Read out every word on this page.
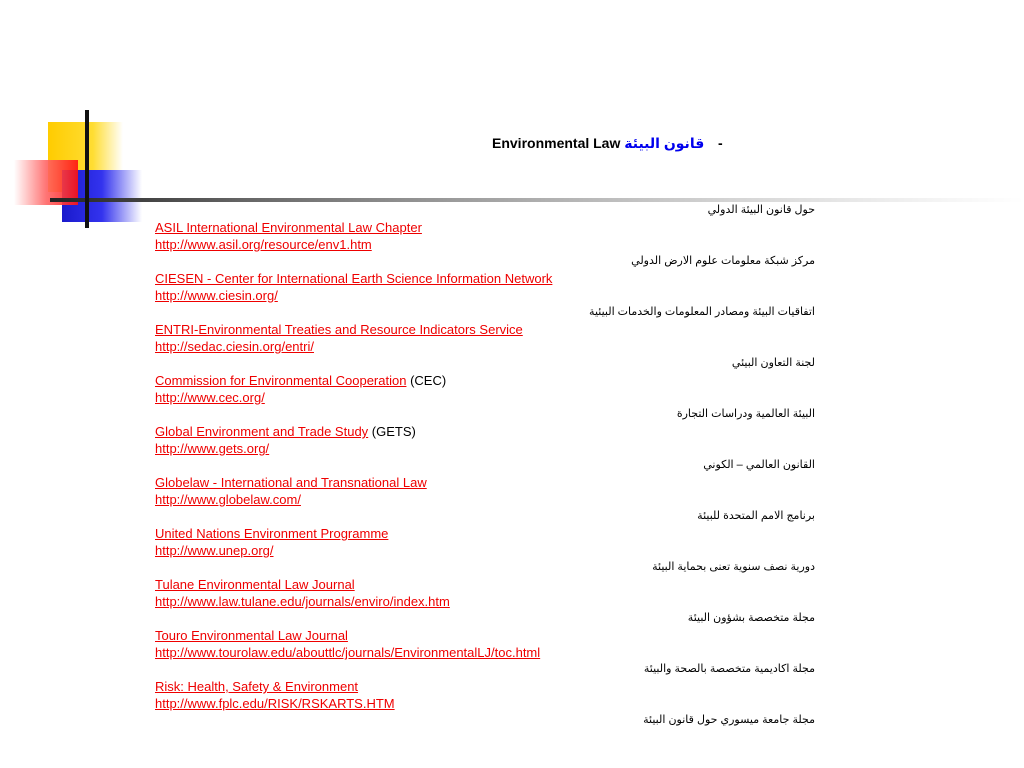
Environmental Law قانون البيئة -
حول قانون البيئة الدولي
ASIL International Environmental Law Chapter
http://www.asil.org/resource/env1.htm
مركز شبكة معلومات علوم الارض الدولي
CIESEN - Center for International Earth Science Information Network
http://www.ciesin.org/
اتفاقيات البيئة ومصادر المعلومات والخدمات البيئية
ENTRI-Environmental Treaties and Resource Indicators Service
http://sedac.ciesin.org/entri/
لجنة التعاون البيئي
Commission for Environmental Cooperation (CEC)
http://www.cec.org/
البيئة العالمية ودراسات التجارة
Global Environment and Trade Study (GETS)
http://www.gets.org/
القانون العالمي – الكوني
Globelaw - International and Transnational Law
http://www.globelaw.com/
برنامج الامم المتحدة للبيئة
United Nations Environment Programme
http://www.unep.org/
دورية نصف سنوية تعنى بحماية البيئة
Tulane Environmental Law Journal
http://www.law.tulane.edu/journals/enviro/index.htm
مجلة متخصصة بشؤون البيئة
Touro Environmental Law Journal
http://www.tourolaw.edu/abouttlc/journals/EnvironmentalLJ/toc.html
مجلة اكاديمية متخصصة بالصحة والبيئة
Risk: Health, Safety & Environment
http://www.fplc.edu/RISK/RSKARTS.HTM
مجلة جامعة ميسوري حول قانون البيئة
